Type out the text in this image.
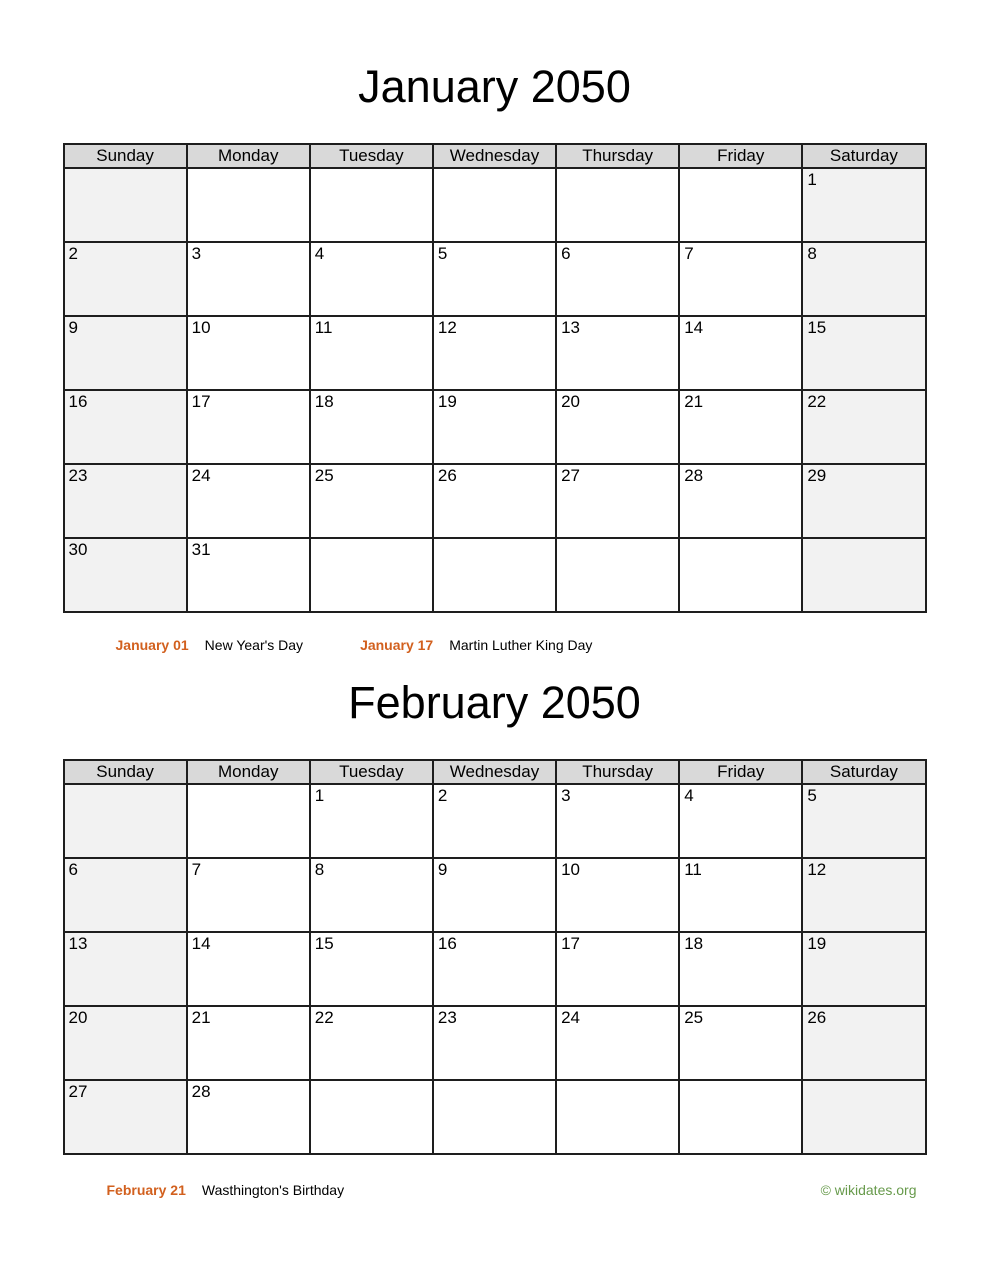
January 2050
Sunday	Monday	Tuesday	Wednesday	Thursday	Friday	Saturday
						1
2	3	4	5	6	7	8
9	10	11	12	13	14	15
16	17	18	19	20	21	22
23	24	25	26	27	28	29
30	31					
January 01 New Year's Day	January 17 Martin Luther King Day
February 2050
Sunday	Monday	Tuesday	Wednesday	Thursday	Friday	Saturday
		1	2	3	4	5
6	7	8	9	10	11	12
13	14	15	16	17	18	19
20	21	22	23	24	25	26
27	28					
February 21 Wasthington's Birthday	© wikidates.org
